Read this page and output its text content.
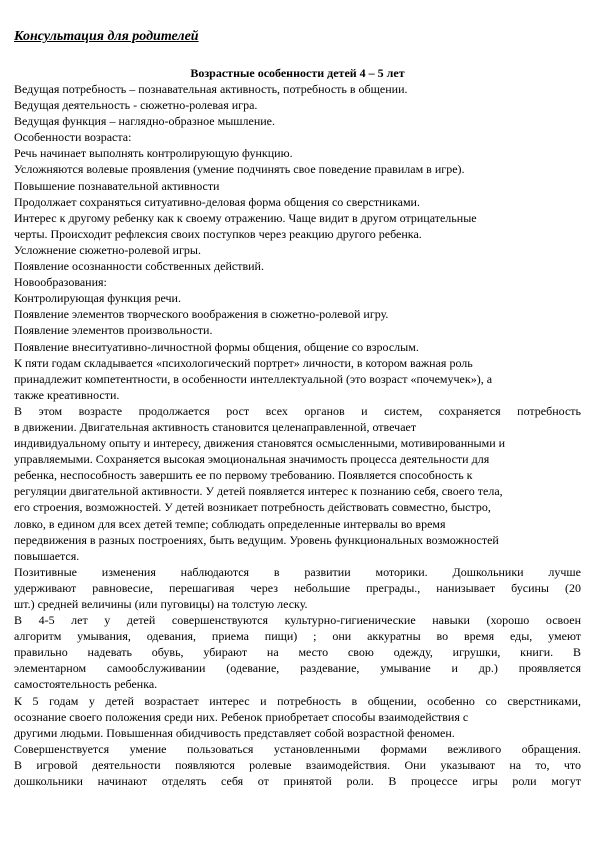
Консультация для родителей
Возрастные особенности детей 4 – 5 лет

Ведущая потребность – познавательная активность, потребность в общении.

Ведущая деятельность - сюжетно-ролевая игра.

Ведущая функция – наглядно-образное мышление.

Особенности возраста:

Речь начинает выполнять контролирующую функцию.

Усложняются волевые проявления (умение подчинять свое поведение правилам в игре).

Повышение познавательной активности

Продолжает сохраняться ситуативно-деловая форма общения со сверстниками.

Интерес к другому ребенку как к своему отражению. Чаще видит в другом отрицательные

черты. Происходит рефлексия своих поступков через реакцию другого ребенка.

Усложнение сюжетно-ролевой игры.

Появление осознанности собственных действий.

Новообразования:

Контролирующая функция речи.

Появление элементов творческого воображения в сюжетно-ролевой игру.

Появление элементов произвольности.

Появление внеситуативно-личностной формы общения, общение со взрослым.

К пяти годам складывается «психологический портрет» личности, в котором важная роль

принадлежит компетентности, в особенности интеллектуальной (это возраст «почемучек»), а

также креативности.

В этом возрасте продолжается рост всех органов и систем, сохраняется потребность

в движении. Двигательная активность становится целенаправленной, отвечает

индивидуальному опыту и интересу, движения становятся осмысленными, мотивированными и

управляемыми. Сохраняется высокая эмоциональная значимость процесса деятельности для

ребенка, неспособность завершить ее по первому требованию. Появляется способность к

регуляции двигательной активности. У детей появляется интерес к познанию себя, своего тела,

его строения, возможностей. У детей возникает потребность действовать совместно, быстро,

ловко, в едином для всех детей темпе; соблюдать определенные интервалы во время

передвижения в разных построениях, быть ведущим. Уровень функциональных возможностей

повышается.

Позитивные изменения наблюдаются в развитии моторики. Дошкольники лучше

удерживают равновесие, перешагивая через небольшие преграды., нанизывает бусины (20

шт.) средней величины (или пуговицы) на толстую леску.

В 4-5 лет у детей совершенствуются культурно-гигиенические навыки (хорошо освоен

алгоритм умывания, одевания, приема пищи) ; они аккуратны во время еды, умеют

правильно надевать обувь, убирают на место свою одежду, игрушки, книги. В

элементарном самообслуживании (одевание, раздевание, умывание и др.) проявляется

самостоятельность ребенка.

К 5 годам у детей возрастает интерес и потребность в общении, особенно со сверстниками,

осознание своего положения среди них. Ребенок приобретает способы взаимодействия с

другими людьми. Повышенная обидчивость представляет собой возрастной феномен.

Совершенствуется умение пользоваться установленными формами вежливого обращения.

В игровой деятельности появляются ролевые взаимодействия. Они указывают на то, что

дошкольники начинают отделять себя от принятой роли. В процессе игры роли могут
